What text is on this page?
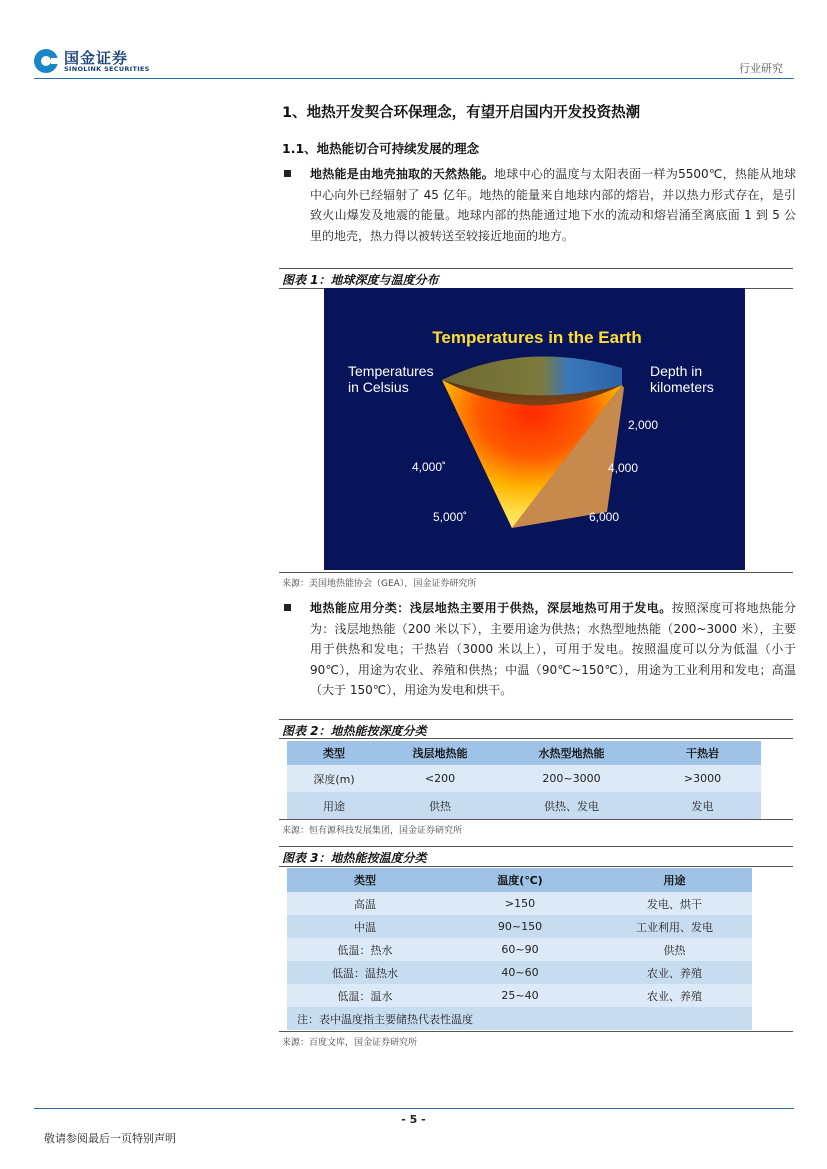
国金证券
SINOLINK SECURITIES	行业研究
1、地热开发契合环保理念，有望开启国内开发投资热潮
1.1、地热能切合可持续发展的理念
地热能是由地壳抽取的天然热能。地球中心的温度与太阳表面一样为5500℃，热能从地球中心向外已经辐射了 45 亿年。地热的能量来自地球内部的熔岩，并以热力形式存在，是引致火山爆发及地震的能量。地球内部的热能通过地下水的流动和熔岩涌至离底面 1 到 5 公里的地壳，热力得以被转送至较接近地面的地方。
图表 1：地球深度与温度分布
Temperatures in the Earth
Temperatures
in Celsius
Depth in
kilometers
4,000˚
5,000˚
2,000
4,000
6,000
来源：美国地热能协会（GEA），国金证券研究所
地热能应用分类：浅层地热主要用于供热，深层地热可用于发电。按照深度可将地热能分为：浅层地热能（200 米以下），主要用途为供热；水热型地热能（200~3000 米），主要用于供热和发电；干热岩（3000 米以上），可用于发电。按照温度可以分为低温（小于 90℃），用途为农业、养殖和供热；中温（90℃~150℃），用途为工业利用和发电；高温（大于 150℃），用途为发电和烘干。
图表 2：地热能按深度分类
类型	浅层地热能	水热型地热能	干热岩
深度(m)	<200	200~3000	>3000
用途	供热	供热、发电	发电
来源：恒有源科技发展集团，国金证券研究所
图表 3：地热能按温度分类
类型	温度(℃)	用途
高温	>150	发电、烘干
中温	90~150	工业利用、发电
低温：热水	60~90	供热
低温：温热水	40~60	农业、养殖
低温：温水	25~40	农业、养殖
注：表中温度指主要储热代表性温度		
来源：百度文库，国金证券研究所
- 5 -
敬请参阅最后一页特别声明
